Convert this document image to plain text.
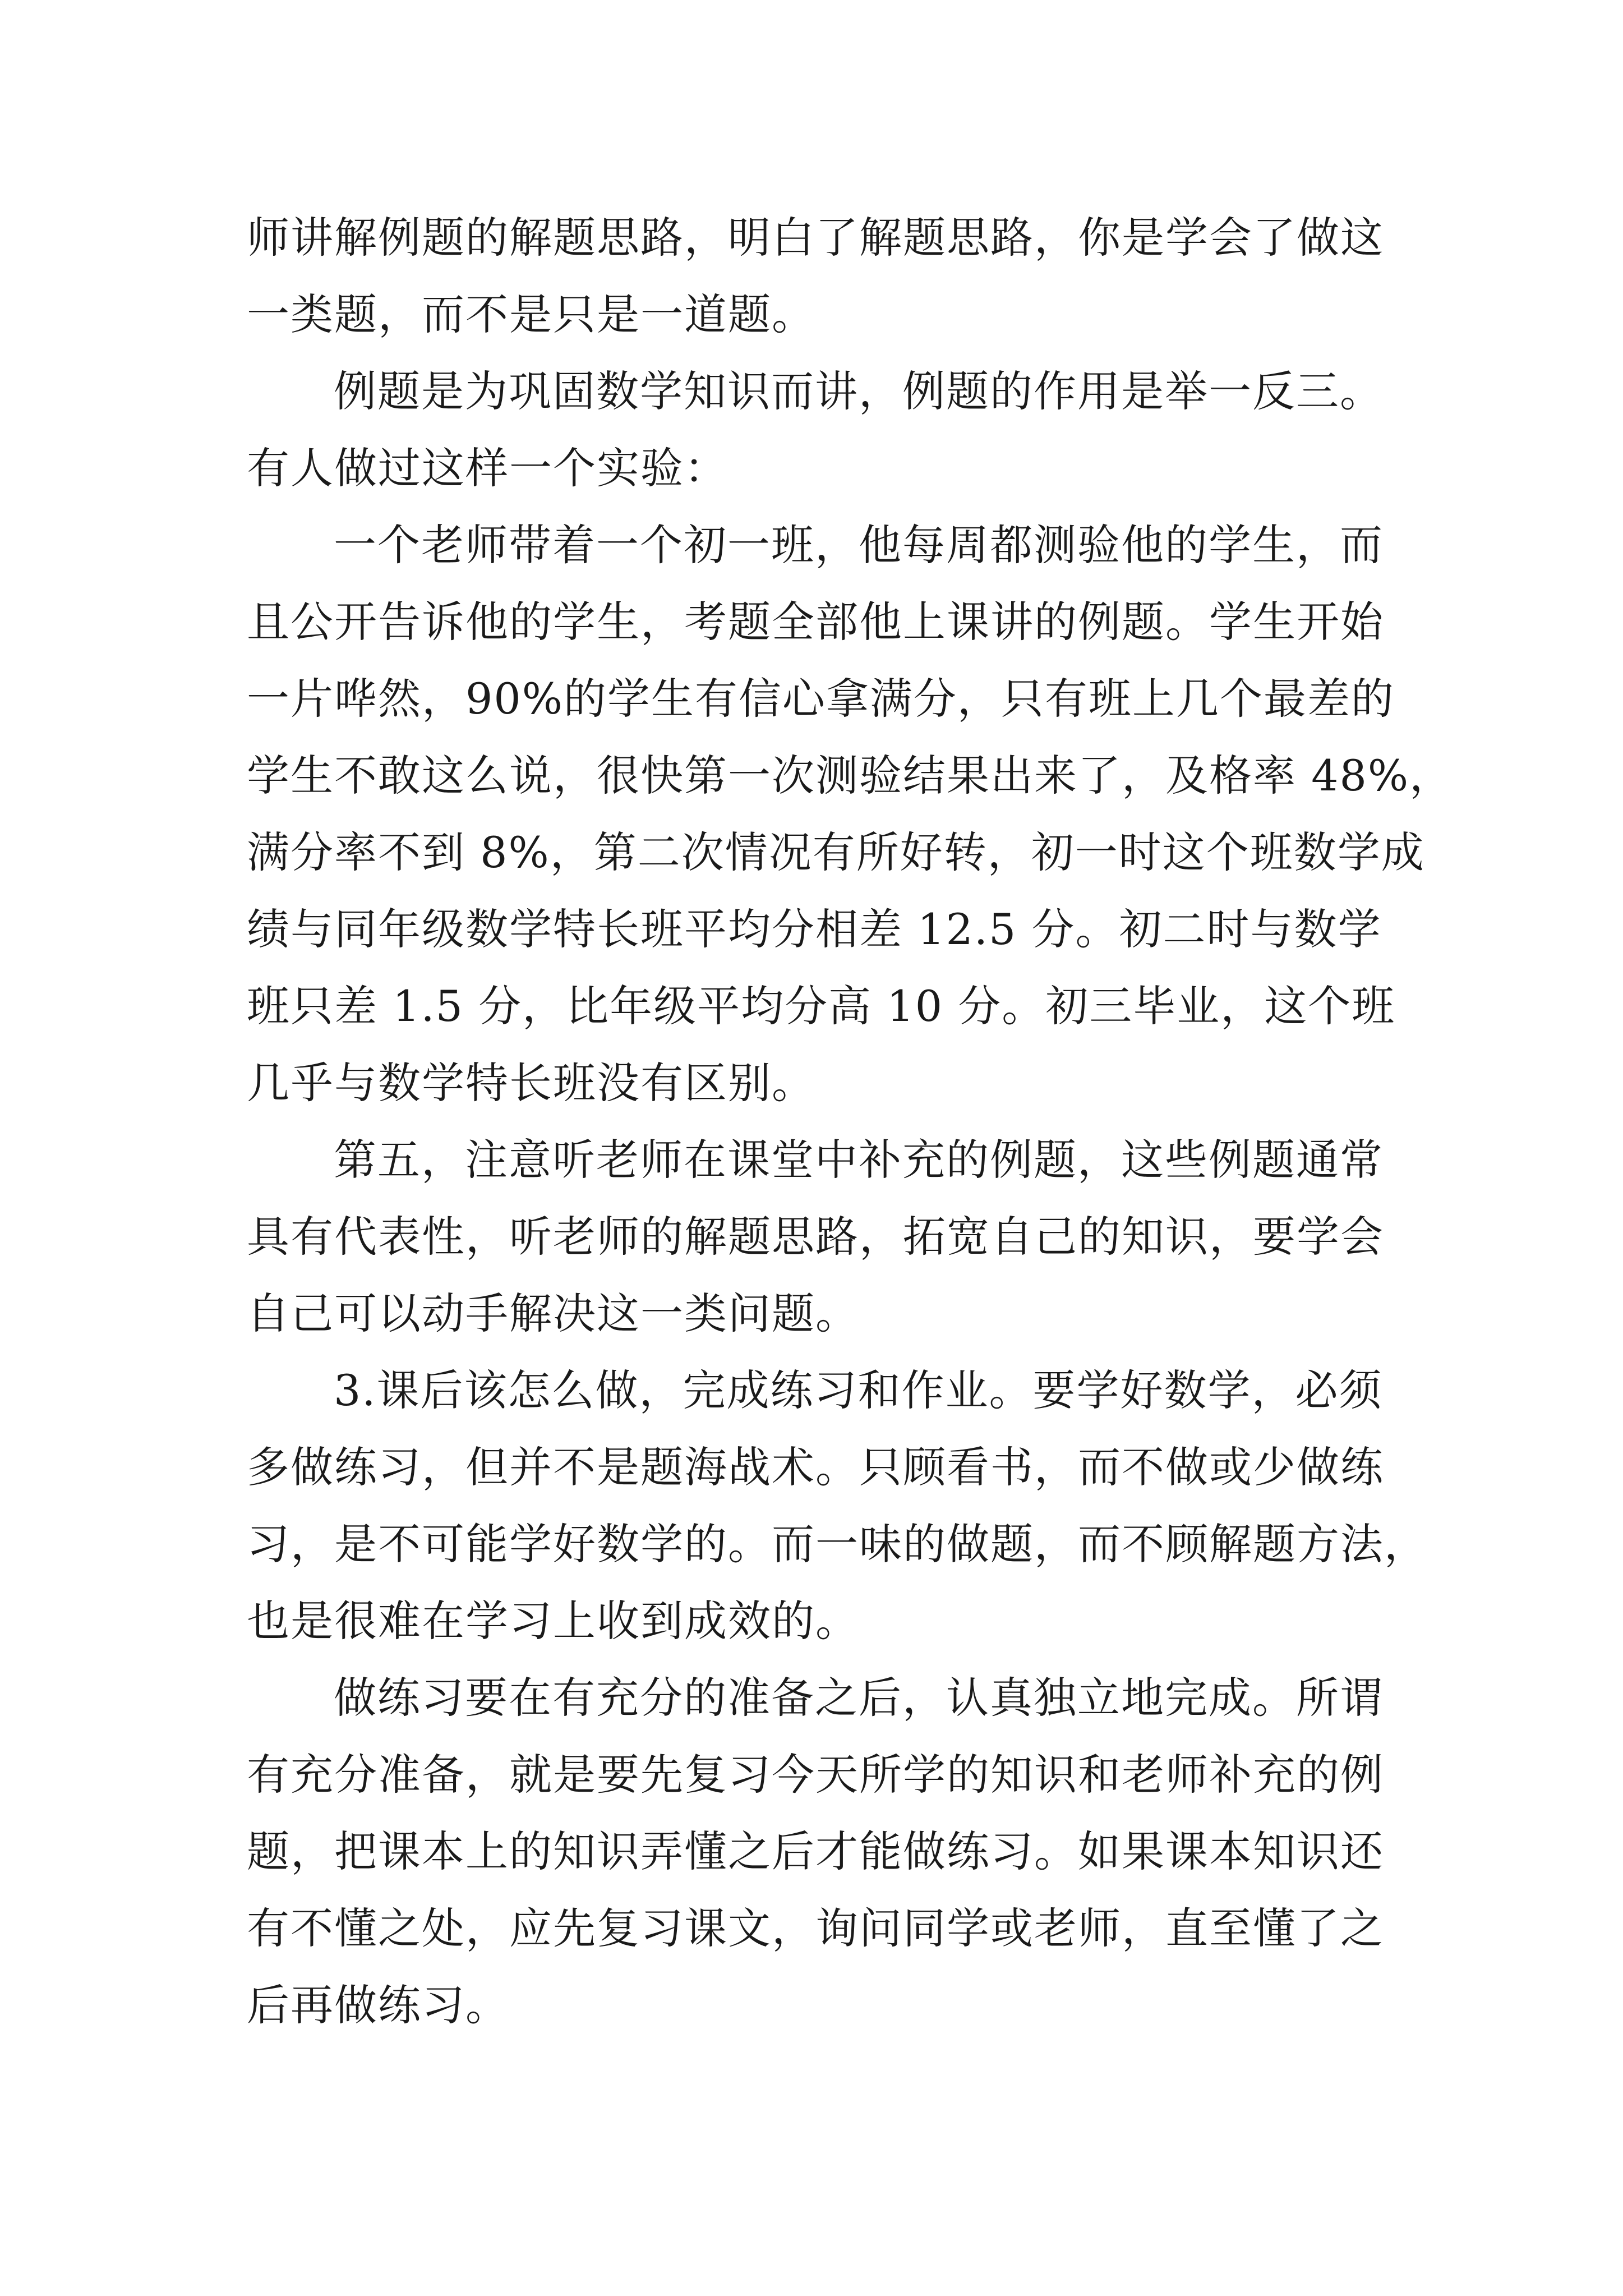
师讲解例题的解题思路，明白了解题思路，你是学会了做这
一类题，而不是只是一道题。
例题是为巩固数学知识而讲，例题的作用是举一反三。
有人做过这样一个实验：
一个老师带着一个初一班，他每周都测验他的学生，而
且公开告诉他的学生，考题全部他上课讲的例题。学生开始
一片哗然，90%的学生有信心拿满分，只有班上几个最差的
学生不敢这么说，很快第一次测验结果出来了，及格率 48%，
满分率不到 8%，第二次情况有所好转，初一时这个班数学成
绩与同年级数学特长班平均分相差 12.5 分。初二时与数学
班只差 1.5 分，比年级平均分高 10 分。初三毕业，这个班
几乎与数学特长班没有区别。
第五，注意听老师在课堂中补充的例题，这些例题通常
具有代表性，听老师的解题思路，拓宽自己的知识，要学会
自己可以动手解决这一类问题。
3.课后该怎么做，完成练习和作业。要学好数学，必须
多做练习，但并不是题海战术。只顾看书，而不做或少做练
习，是不可能学好数学的。而一味的做题，而不顾解题方法，
也是很难在学习上收到成效的。
做练习要在有充分的准备之后，认真独立地完成。所谓
有充分准备，就是要先复习今天所学的知识和老师补充的例
题，把课本上的知识弄懂之后才能做练习。如果课本知识还
有不懂之处，应先复习课文，询问同学或老师，直至懂了之
后再做练习。
